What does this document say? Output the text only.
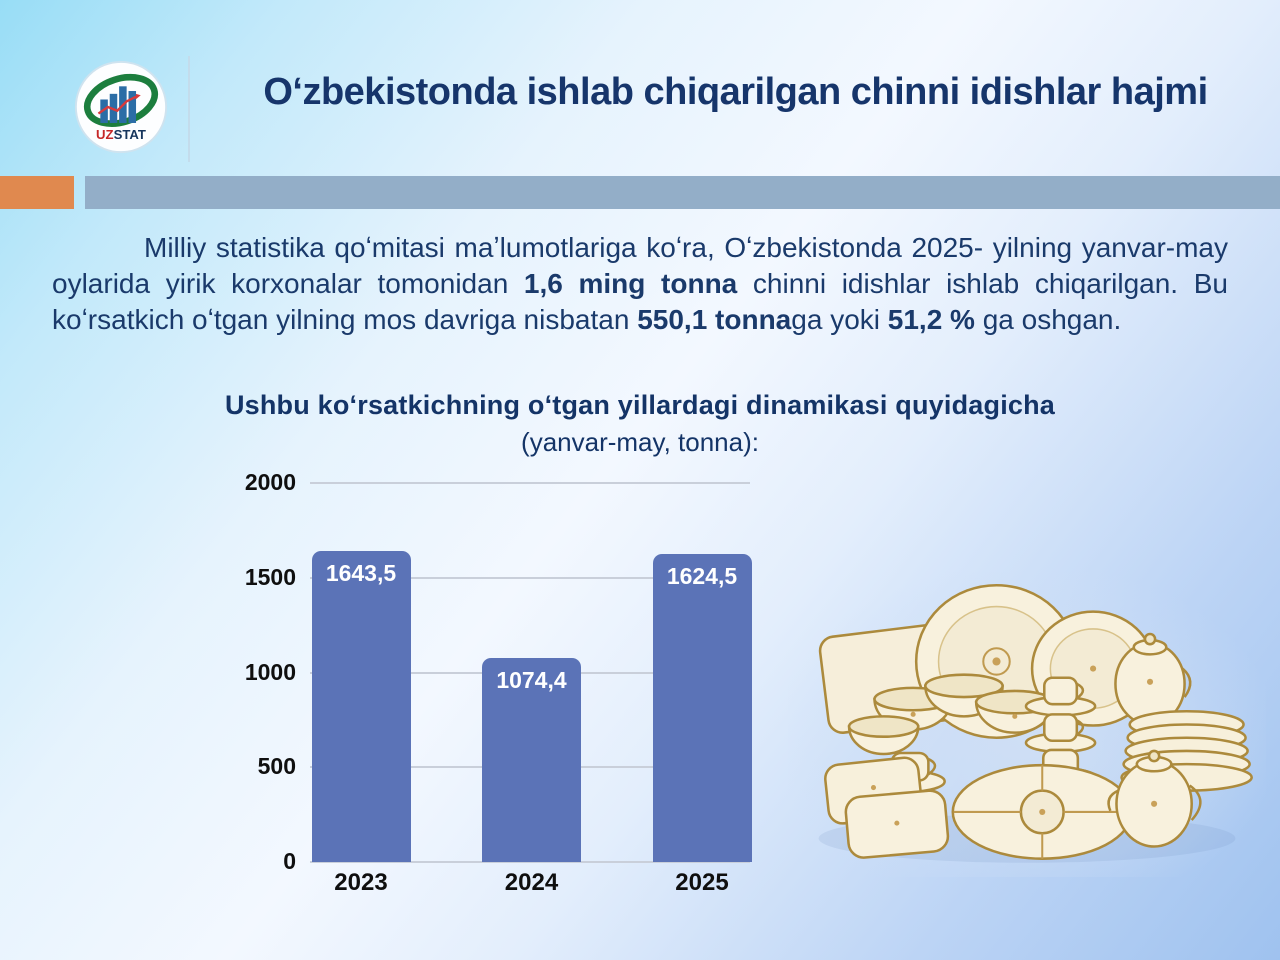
UZSTAT
Oʻzbekistonda ishlab chiqarilgan chinni idishlar hajmi

Milliy statistika qoʻmitasi maʼlumotlariga koʻra, Oʻzbekistonda 2025- yilning yanvar-may oylarida yirik korxonalar tomonidan 1,6 ming tonna chinni idishlar ishlab chiqarilgan. Bu koʻrsatkich oʻtgan yilning mos davriga nisbatan 550,1 tonnaga yoki 51,2 % ga oshgan.

Ushbu koʻrsatkichning oʻtgan yillardagi dinamikasi quyidagicha
(yanvar-may, tonna):
0
500
1000
1500
2000
1643,5
2023
1074,4
2024
1624,5
2025
